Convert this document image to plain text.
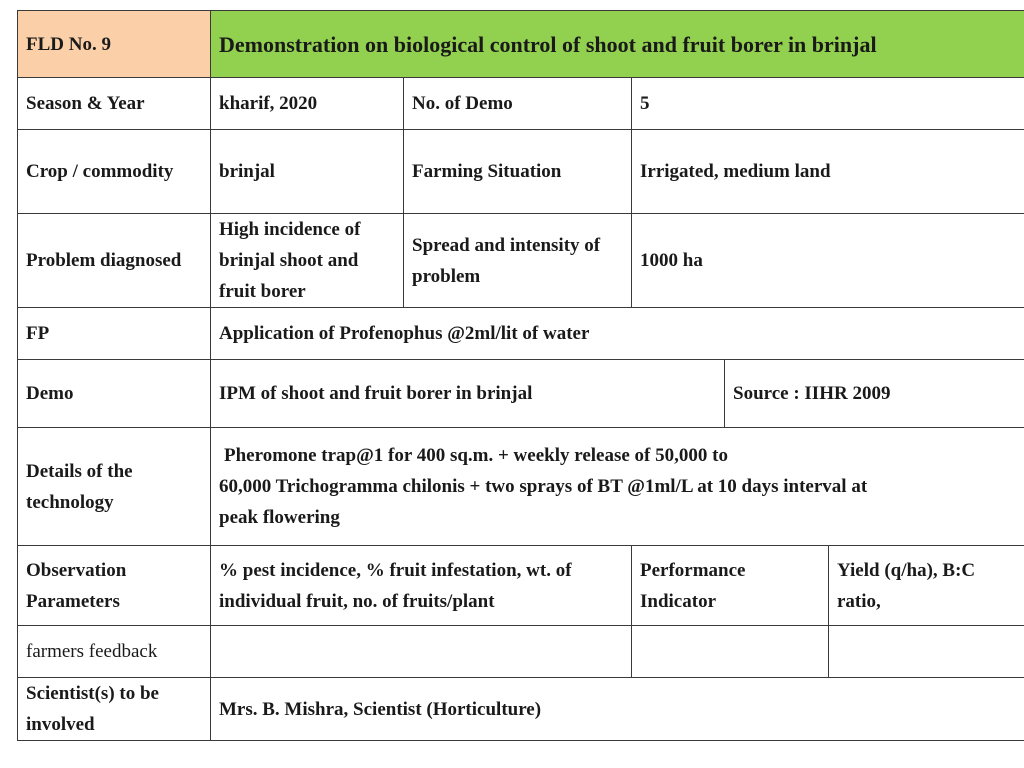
FLD No. 9	Demonstration on biological control of shoot and fruit borer in brinjal				
Season & Year	kharif, 2020	No. of Demo	5		
Crop / commodity	brinjal	Farming Situation	Irrigated, medium land		
Problem diagnosed	High incidence of brinjal shoot and fruit borer	Spread and intensity of problem	1000 ha		
FP	Application of Profenophus @2ml/lit of water				
Demo	IPM of shoot and fruit borer in brinjal			Source : IIHR 2009	
Details of the technology	Pheromone trap@1 for 400 sq.m. + weekly release of 50,000 to
60,000 Trichogramma chilonis + two sprays of BT @1ml/L at 10 days interval at
peak flowering				

Observation Parameters	% pest incidence, % fruit infestation, wt. of individual fruit, no. of fruits/plant		Performance Indicator		Yield (q/ha), B:C ratio,
farmers feedback					
Scientist(s) to be involved	Mrs. B. Mishra, Scientist (Horticulture)				
